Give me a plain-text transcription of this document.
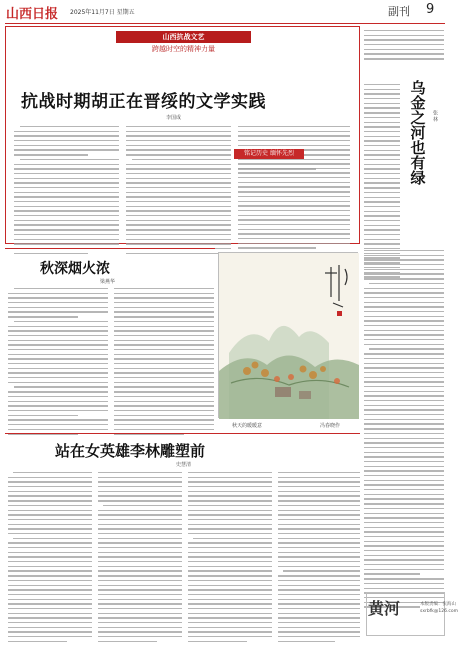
山西日报 2025年11月7日 星期五	副刊 9
山西抗战文艺
跨越时空的精神力量
抗战时期胡正在晋绥的文学实践
李国成
铭记历史 缅怀先烈	乌金之河也有绿 张 林
秋深烟火浓
梁燕华
秋天的暖暖意	冯春晓作
站在女英雄李林雕塑前
史慧清
黄河	本版责编：张海山
sxrbfk@126.com
